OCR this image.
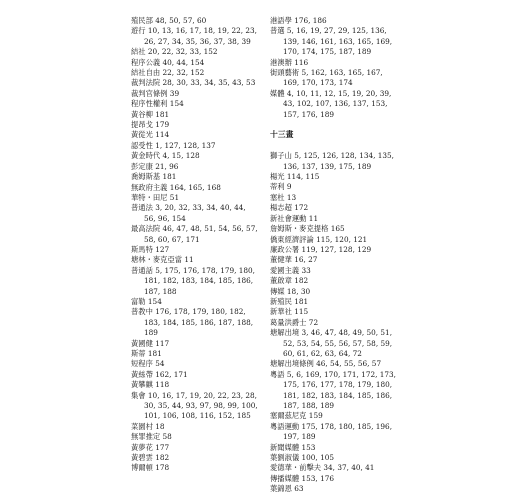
殖民部 48, 50, 57, 60
遊行 10, 13, 16, 17, 18, 19, 22, 23, 26, 27, 34, 35, 36, 37, 38, 39
結社 20, 22, 32, 33, 152
程序公義 40, 44, 154
結社自由 22, 32, 152
裁判法院 28, 30, 33, 34, 35, 43, 53
裁判官條例 39
程序性權利 154
黃谷柳 181
提昂戈 179
黃從光 114
認受性 1, 127, 128, 137
黃金時代 4, 15, 128
彭定康 21, 96
喬姆斯基 181
無政府主義 164, 165, 168
華特・田尼 51
普通法 3, 20, 32, 33, 34, 40, 44, 56, 96, 154
最高法院 46, 47, 48, 51, 54, 56, 57, 58, 60, 67, 171
斯馬特 127
塘林・麥克亞當 11
普通話 5, 175, 176, 178, 179, 180, 181, 182, 183, 184, 185, 186, 187, 188
富勒 154
普教中 176, 178, 179, 180, 182, 183, 184, 185, 186, 187, 188, 189
黃國健 117
斯蒂 181
短程序 54
黃絲帶 162, 171
黃攀麒 118
集會 10, 16, 17, 19, 20, 22, 23, 28, 30, 35, 44, 93, 97, 98, 99, 100, 101, 106, 108, 116, 152, 185
菜園村 18
無罪推定 58
黃夢花 177
黃碧雲 182
博爾頓 178
港語學 176, 186
普選 5, 16, 19, 27, 29, 125, 136, 139, 146, 161, 163, 165, 169, 170, 174, 175, 187, 189
港澳辦 116
街頭藝術 5, 162, 163, 165, 167, 169, 170, 173, 174
媒體 4, 10, 11, 12, 15, 19, 20, 39, 43, 102, 107, 136, 137, 153, 157, 176, 189
十三畫
獅子山 5, 125, 126, 128, 134, 135, 136, 137, 139, 175, 189
楊光 114, 115
蒂利 9
塞杜 13
楊志超 172
新社會運動 11
詹姆斯・麥克提格 165
僑東經濟評論 115, 120, 121
廉政公署 119, 127, 128, 129
董健華 16, 27
愛國主義 33
董啟章 182
傳媒 18, 30
新殖民 181
新華社 115
葛量洪爵士 72
塘解出境 3, 46, 47, 48, 49, 50, 51, 52, 53, 54, 55, 56, 57, 58, 59, 60, 61, 62, 63, 64, 72
塘解出境條例 46, 54, 55, 56, 57
粵語 5, 6, 169, 170, 171, 172, 173, 175, 176, 177, 178, 179, 180, 181, 182, 183, 184, 185, 186, 187, 188, 189
塞爾茲尼克 159
粵語運動 175, 178, 180, 185, 196, 197, 189
新聞媒體 153
葉劉淑儀 100, 105
愛德華・前擊夫 34, 37, 40, 41
傳播媒體 153, 176
葉錦恩 63
